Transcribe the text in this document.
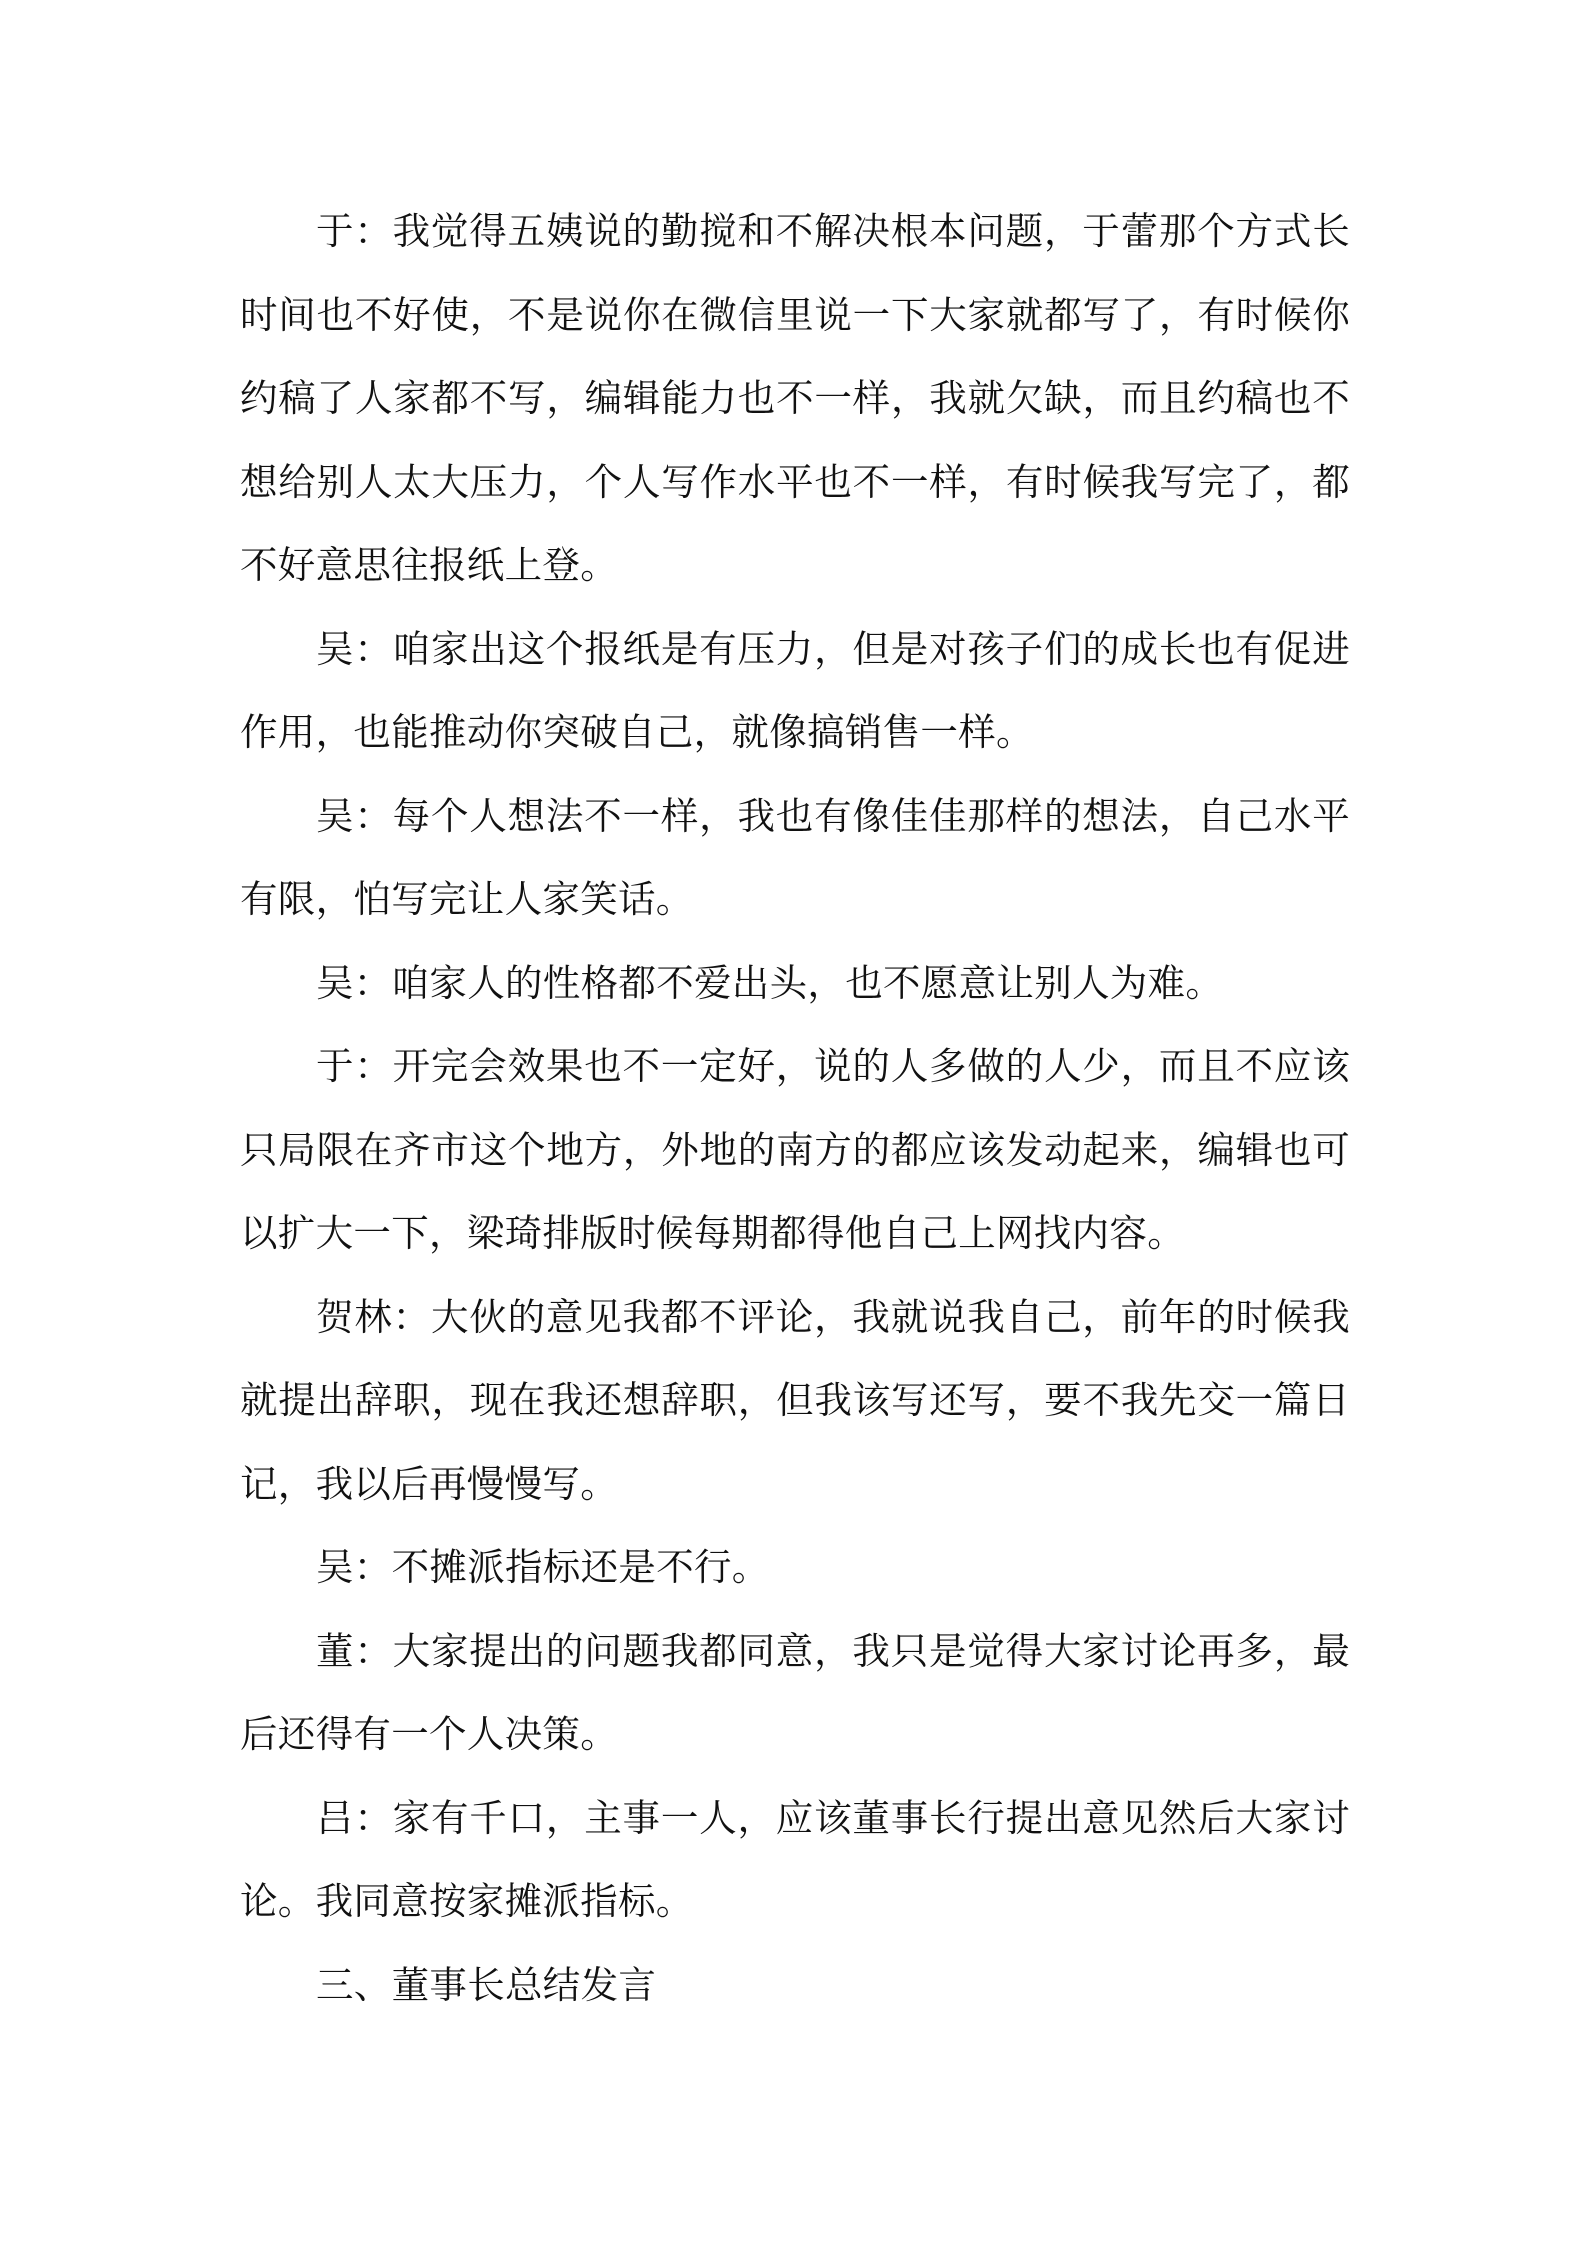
于：我觉得五姨说的勤搅和不解决根本问题，于蕾那个方式长时间也不好使，不是说你在微信里说一下大家就都写了，有时候你约稿了人家都不写，编辑能力也不一样，我就欠缺，而且约稿也不想给别人太大压力，个人写作水平也不一样，有时候我写完了，都不好意思往报纸上登。

吴：咱家出这个报纸是有压力，但是对孩子们的成长也有促进作用，也能推动你突破自己，就像搞销售一样。

吴：每个人想法不一样，我也有像佳佳那样的想法，自己水平有限，怕写完让人家笑话。

吴：咱家人的性格都不爱出头，也不愿意让别人为难。

于：开完会效果也不一定好，说的人多做的人少，而且不应该只局限在齐市这个地方，外地的南方的都应该发动起来，编辑也可以扩大一下，梁琦排版时候每期都得他自己上网找内容。

贺林：大伙的意见我都不评论，我就说我自己，前年的时候我就提出辞职，现在我还想辞职，但我该写还写，要不我先交一篇日记，我以后再慢慢写。

吴：不摊派指标还是不行。

董：大家提出的问题我都同意，我只是觉得大家讨论再多，最后还得有一个人决策。

吕：家有千口，主事一人，应该董事长行提出意见然后大家讨论。我同意按家摊派指标。

三、董事长总结发言
